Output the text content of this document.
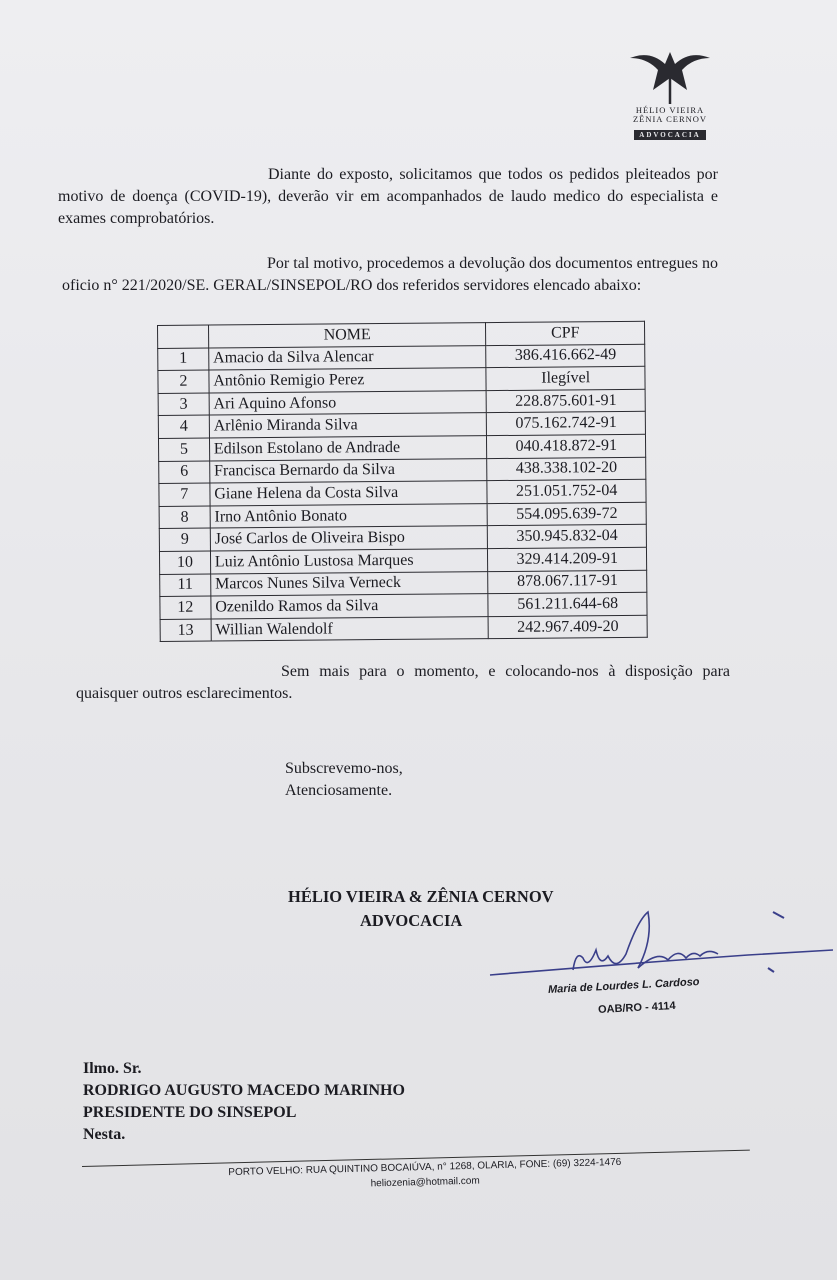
HÉLIO VIEIRA
ZÊNIA CERNOV
ADVOCACIA
Diante do exposto, solicitamos que todos os pedidos pleiteados por motivo de doença (COVID-19), deverão vir em acompanhados de laudo medico do especialista e exames comprobatórios.
Por tal motivo, procedemos a devolução dos documentos entregues no oficio n° 221/2020/SE. GERAL/SINSEPOL/RO dos referidos servidores elencado abaixo:
	NOME	CPF
1	Amacio da Silva Alencar	386.416.662-49
2	Antônio Remigio Perez	Ilegível
3	Ari Aquino Afonso	228.875.601-91
4	Arlênio Miranda Silva	075.162.742-91
5	Edilson Estolano de Andrade	040.418.872-91
6	Francisca Bernardo da Silva	438.338.102-20
7	Giane Helena da Costa Silva	251.051.752-04
8	Irno Antônio Bonato	554.095.639-72
9	José Carlos de Oliveira Bispo	350.945.832-04
10	Luiz Antônio Lustosa Marques	329.414.209-91
11	Marcos Nunes Silva Verneck	878.067.117-91
12	Ozenildo Ramos da Silva	561.211.644-68
13	Willian Walendolf	242.967.409-20
Sem mais para o momento, e colocando-nos à disposição para quaisquer outros esclarecimentos.
Subscrevemo-nos,
Atenciosamente.
HÉLIO VIEIRA & ZÊNIA CERNOV
ADVOCACIA
Maria de Lourdes L. Cardoso
OAB/RO - 4114
Ilmo. Sr.
RODRIGO AUGUSTO MACEDO MARINHO
PRESIDENTE DO SINSEPOL
Nesta.
PORTO VELHO: RUA QUINTINO BOCAIÚVA, n° 1268, OLARIA, FONE: (69) 3224-1476
heliozenia@hotmail.com
